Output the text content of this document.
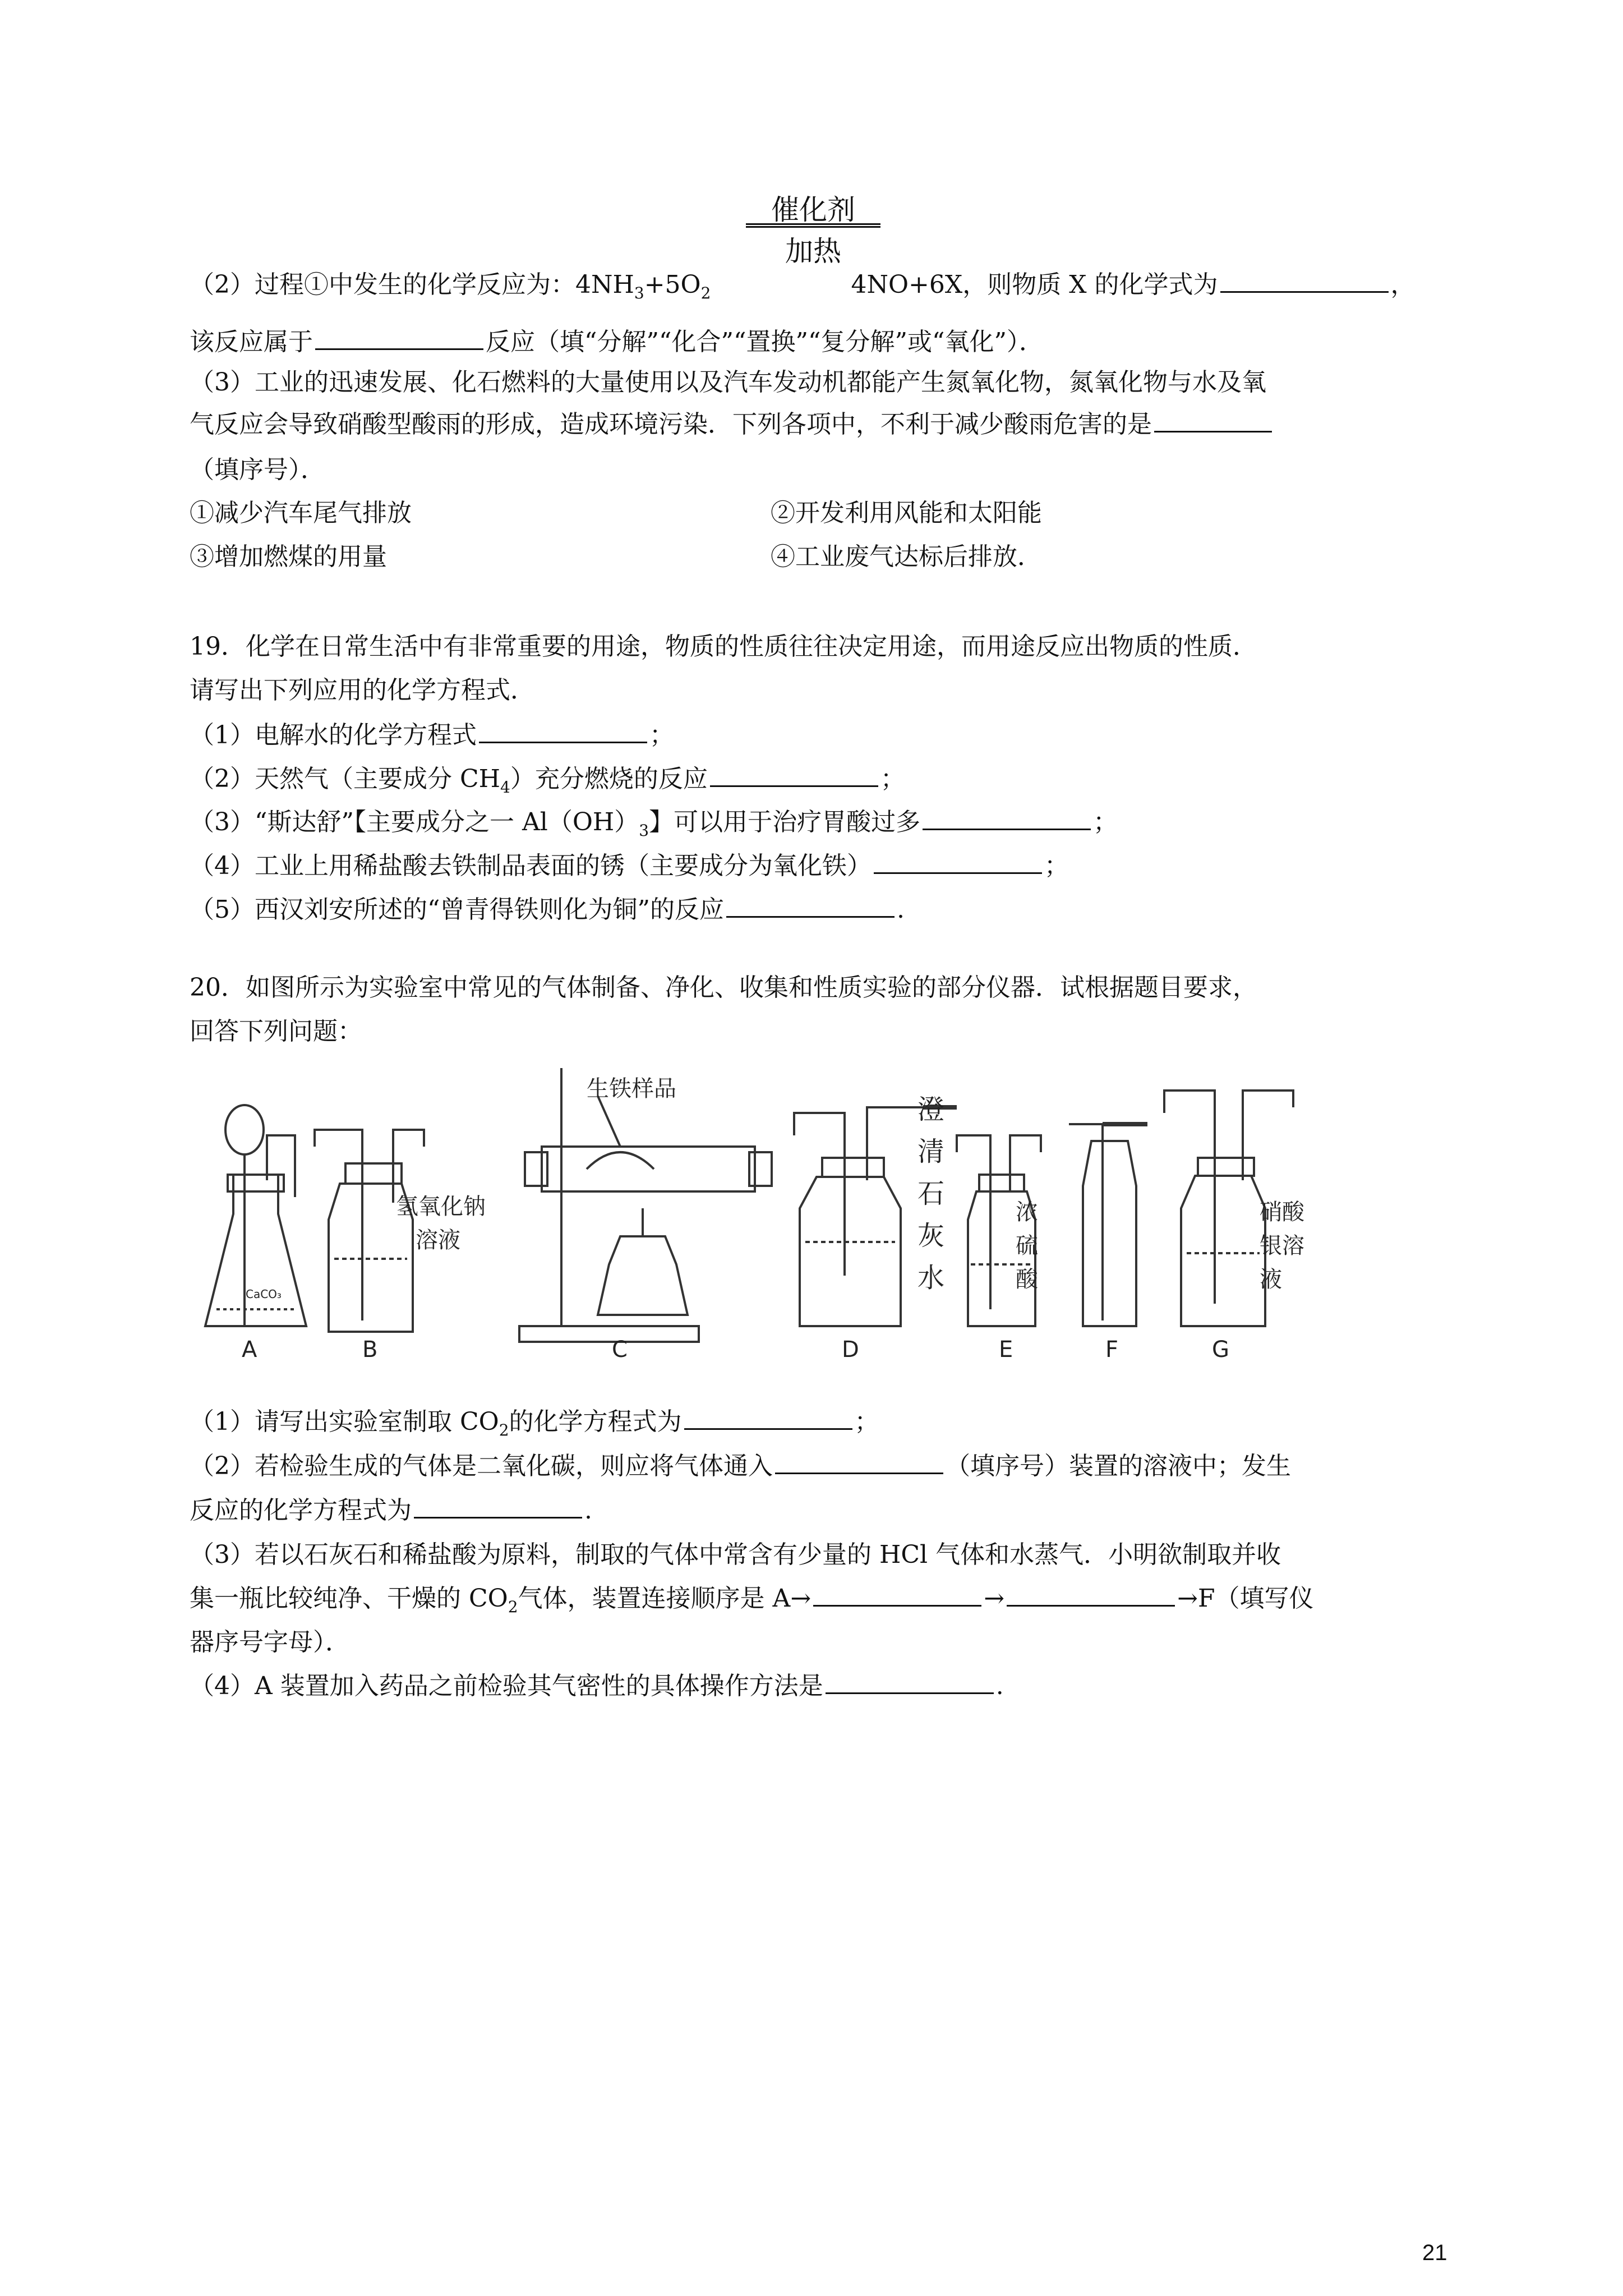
催化剂
加热
（2）过程①中发生的化学反应为：$4NH_3+5O_2$	4NO+6X，则物质 X 的化学式为	，
该反应属于	反应（填“分解”“化合”“置换”“复分解”或“氧化”）．
（3）工业的迅速发展、化石燃料的大量使用以及汽车发动机都能产生氮氧化物，氮氧化物与水及氧
气反应会导致硝酸型酸雨的形成，造成环境污染．下列各项中，不利于减少酸雨危害的是
（填序号）．
①减少汽车尾气排放	②开发利用风能和太阳能
③增加燃煤的用量	④工业废气达标后排放．
19．化学在日常生活中有非常重要的用途，物质的性质往往决定用途，而用途反应出物质的性质．
请写出下列应用的化学方程式．
（1）电解水的化学方程式	；
（2）天然气（主要成分 $CH_4$）充分燃烧的反应	；
（3）“斯达舒”【主要成分之一 $Al(OH)_3$】可以用于治疗胃酸过多	；
（4）工业上用稀盐酸去铁制品表面的锈（主要成分为氧化铁）	；
（5）西汉刘安所述的“曾青得铁则化为铜”的反应	.
20．如图所示为实验室中常见的气体制备、净化、收集和性质实验的部分仪器．试根据题目要求，
回答下列问题：
A	B	C	D	E	F	G
CaCO₃
氢氧化钠
溶液
生铁样品
澄
清
石
灰
水
浓
硫
酸
硝酸
银溶
液
（1）请写出实验室制取 $CO_2$的化学方程式为	；
（2）若检验生成的气体是二氧化碳，则应将气体通入	（填序号）装置的溶液中；发生
反应的化学方程式为	.
（3）若以石灰石和稀盐酸为原料，制取的气体中常含有少量的 HCl 气体和水蒸气．小明欲制取并收
集一瓶比较纯净、干燥的 $CO_2$气体，装置连接顺序是 A→	→	→F（填写仪
器序号字母）．
（4）A 装置加入药品之前检验其气密性的具体操作方法是	.
21
